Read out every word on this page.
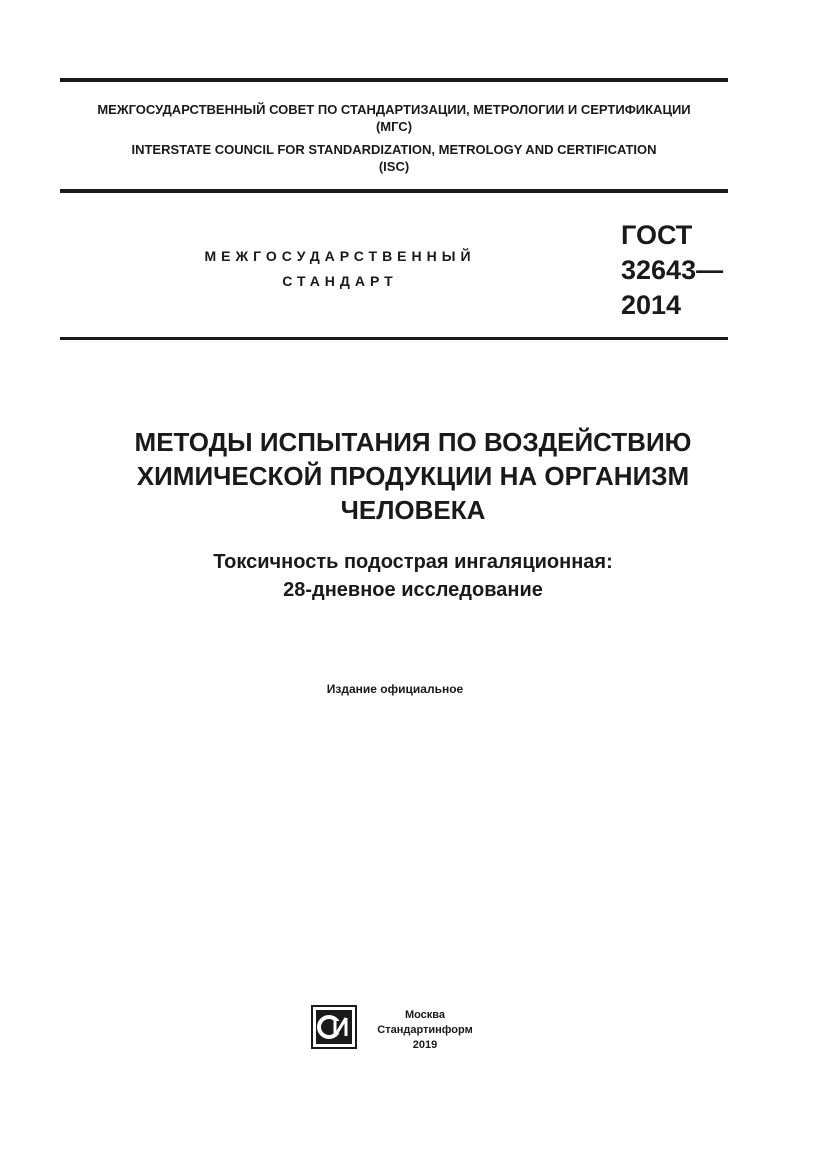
МЕЖГОСУДАРСТВЕННЫЙ СОВЕТ ПО СТАНДАРТИЗАЦИИ, МЕТРОЛОГИИ И СЕРТИФИКАЦИИ

(МГС)

INTERSTATE COUNCIL FOR STANDARDIZATION, METROLOGY AND CERTIFICATION

(ISC)

МЕЖГОСУДАРСТВЕННЫЙ

СТАНДАРТ

ГОСТ

32643—

2014

МЕТОДЫ ИСПЫТАНИЯ ПО ВОЗДЕЙСТВИЮ

ХИМИЧЕСКОЙ ПРОДУКЦИИ НА ОРГАНИЗМ

ЧЕЛОВЕКА

Токсичность подострая ингаляционная:

28-дневное исследование

Издание официальное

Москва

Стандартинформ

2019
